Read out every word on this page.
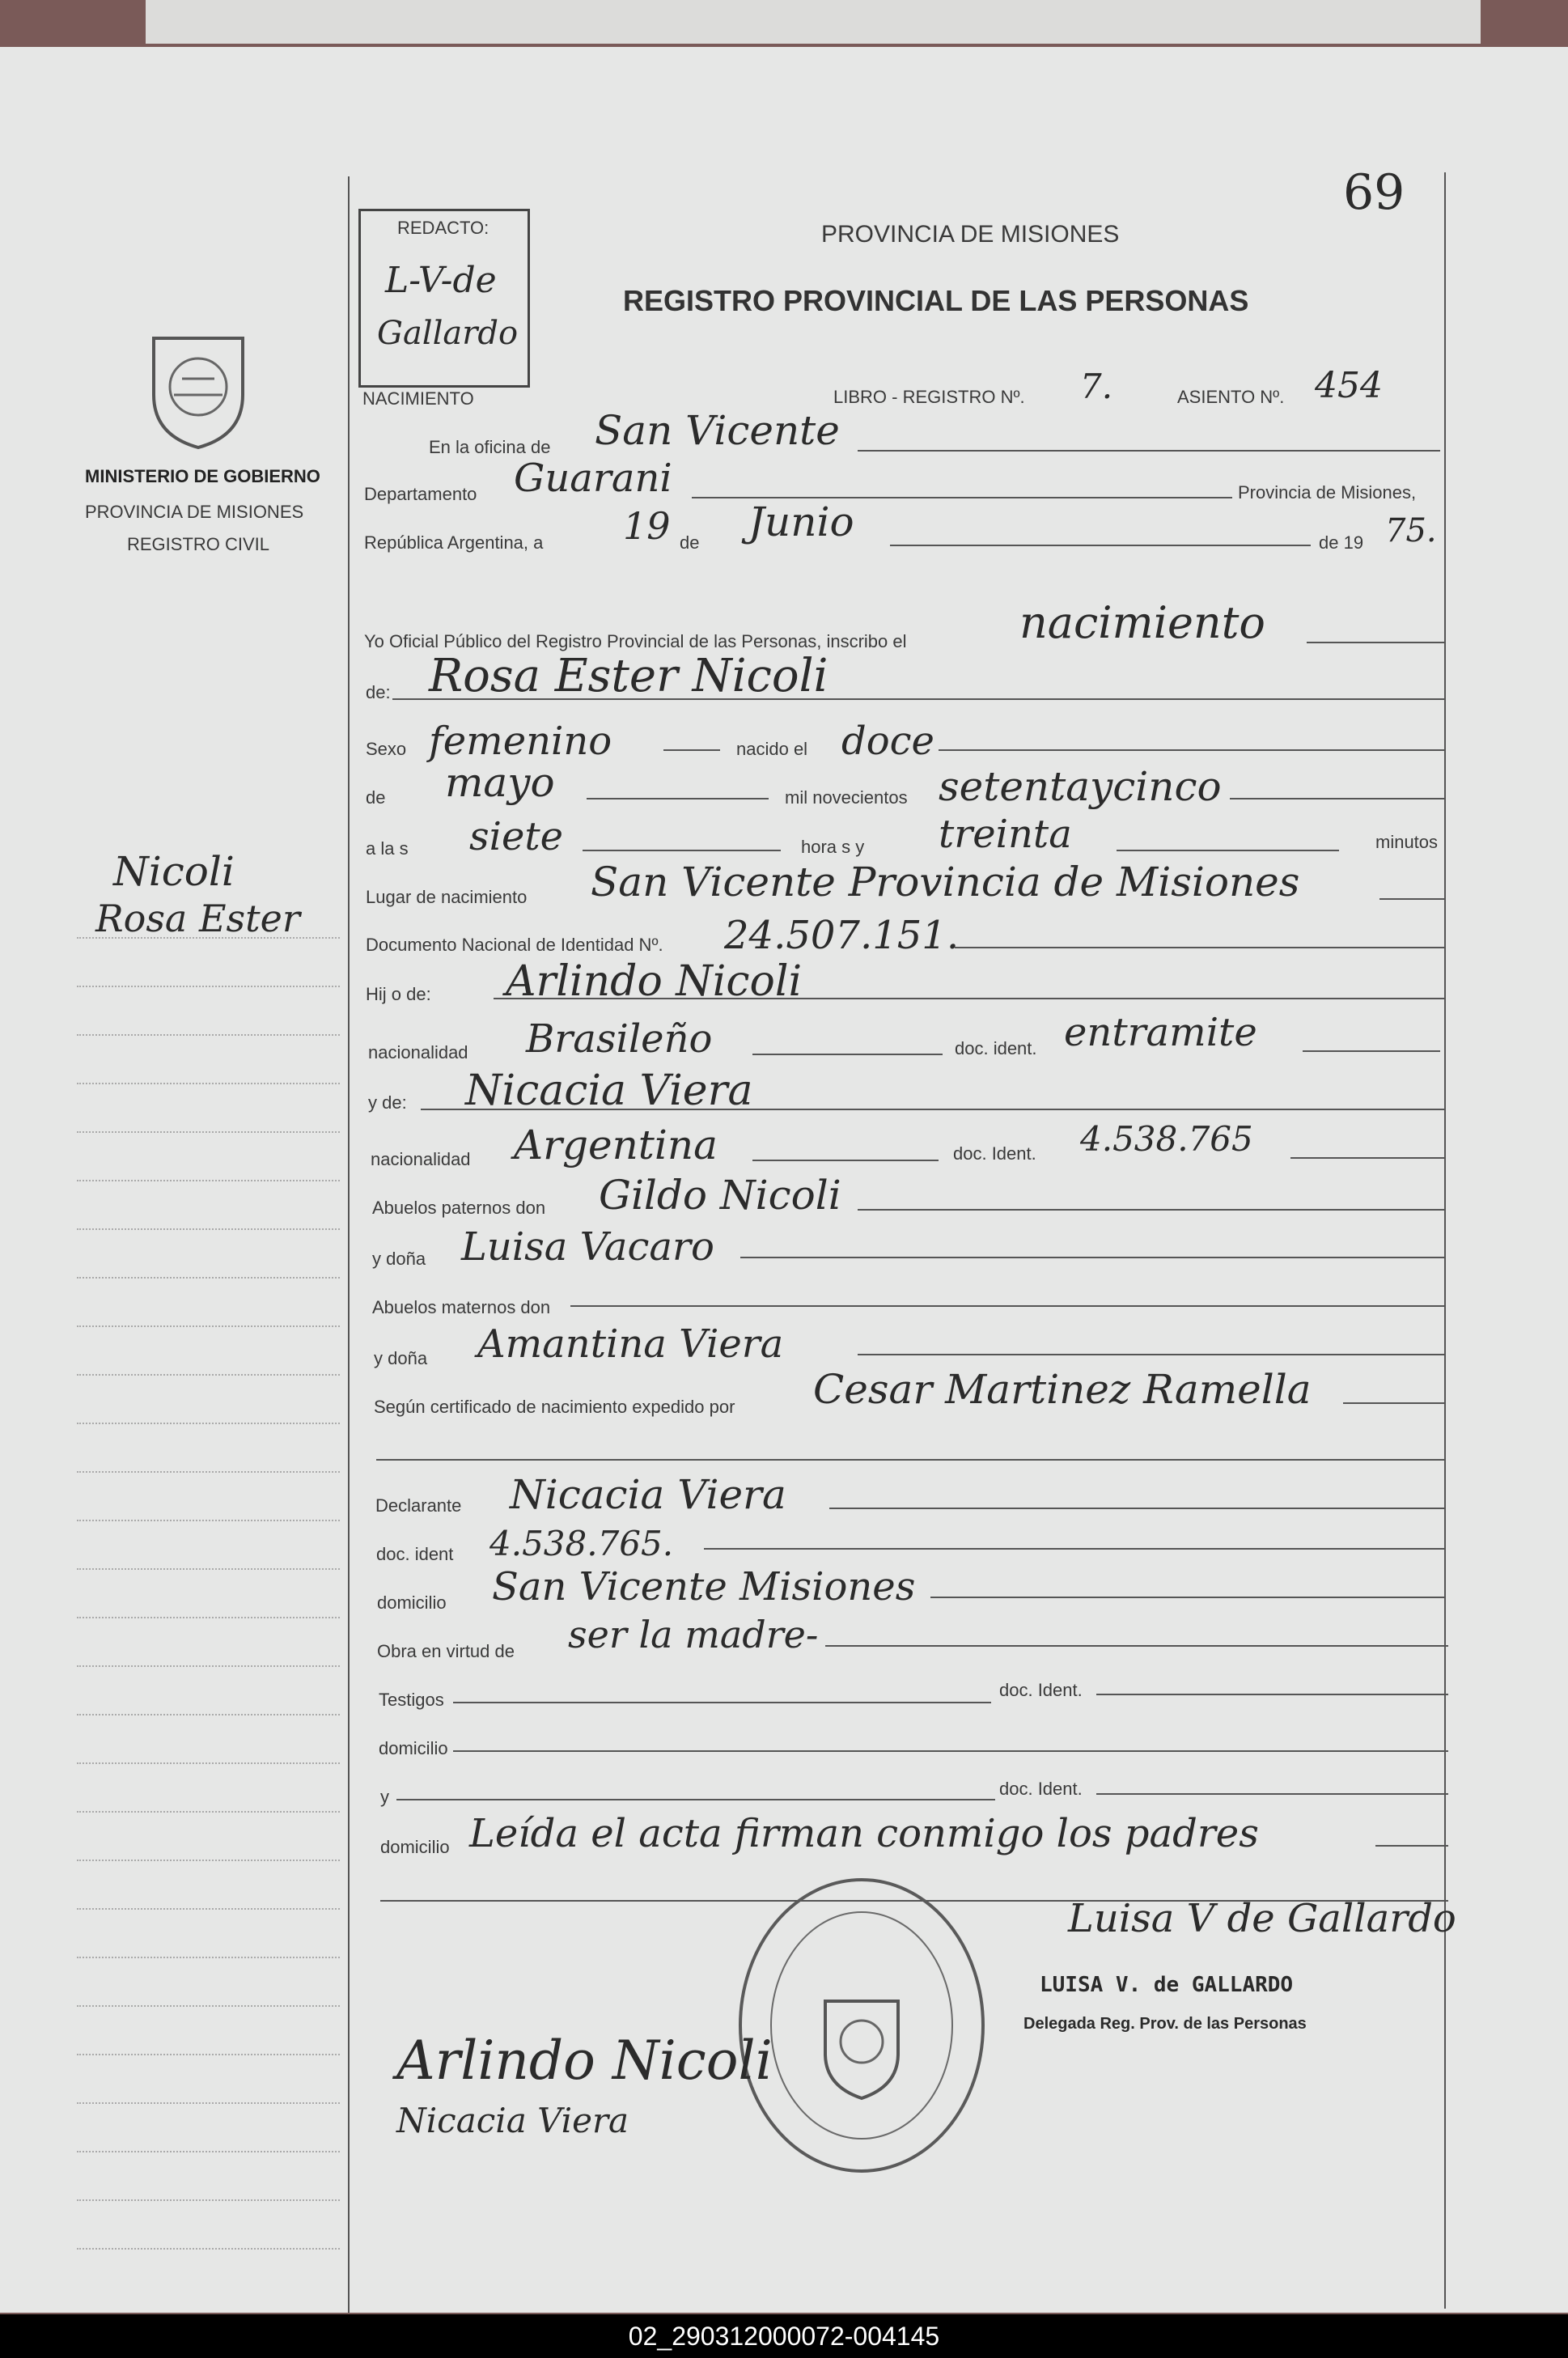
69
MINISTERIO DE GOBIERNO
PROVINCIA DE MISIONES
REGISTRO CIVIL
Nicoli
Rosa Ester
REDACTO:
L-V-de
Gallardo
PROVINCIA DE MISIONES
REGISTRO PROVINCIAL DE LAS PERSONAS
NACIMIENTO	LIBRO - REGISTRO Nº. 7.	ASIENTO Nº. 454
En la oficina de San Vicente
Departamento Guarani	Provincia de Misiones,
República Argentina, a 19 de Junio	de 19 75.
Yo Oficial Público del Registro Provincial de las Personas, inscribo el	nacimiento
de: Rosa Ester Nicoli
Sexo femenino	nacido el doce
de mayo	mil novecientos setentaycinco
a la s siete	hora s y treinta	minutos
Lugar de nacimiento San Vicente Provincia de Misiones
Documento Nacional de Identidad Nº. 24.507.151.
Hij o de: Arlindo Nicoli
nacionalidad Brasileño	doc. ident. entramite
y de: Nicacia Viera
nacionalidad Argentina	doc. Ident. 4.538.765
Abuelos paternos don Gildo Nicoli
y doña Luisa Vacaro
Abuelos maternos don
y doña Amantina Viera
Según certificado de nacimiento expedido por Cesar Martinez Ramella
Declarante Nicacia Viera
doc. ident 4.538.765.
domicilio San Vicente Misiones
Obra en virtud de ser la madre-
Testigos	doc. Ident.
domicilio
y	doc. Ident.
domicilio Leída el acta firman conmigo los padres
Luisa V de Gallardo
LUISA V. de GALLARDO
Delegada Reg. Prov. de las Personas
Arlindo Nicoli
Nicacia Viera
02_290312000072-004145
